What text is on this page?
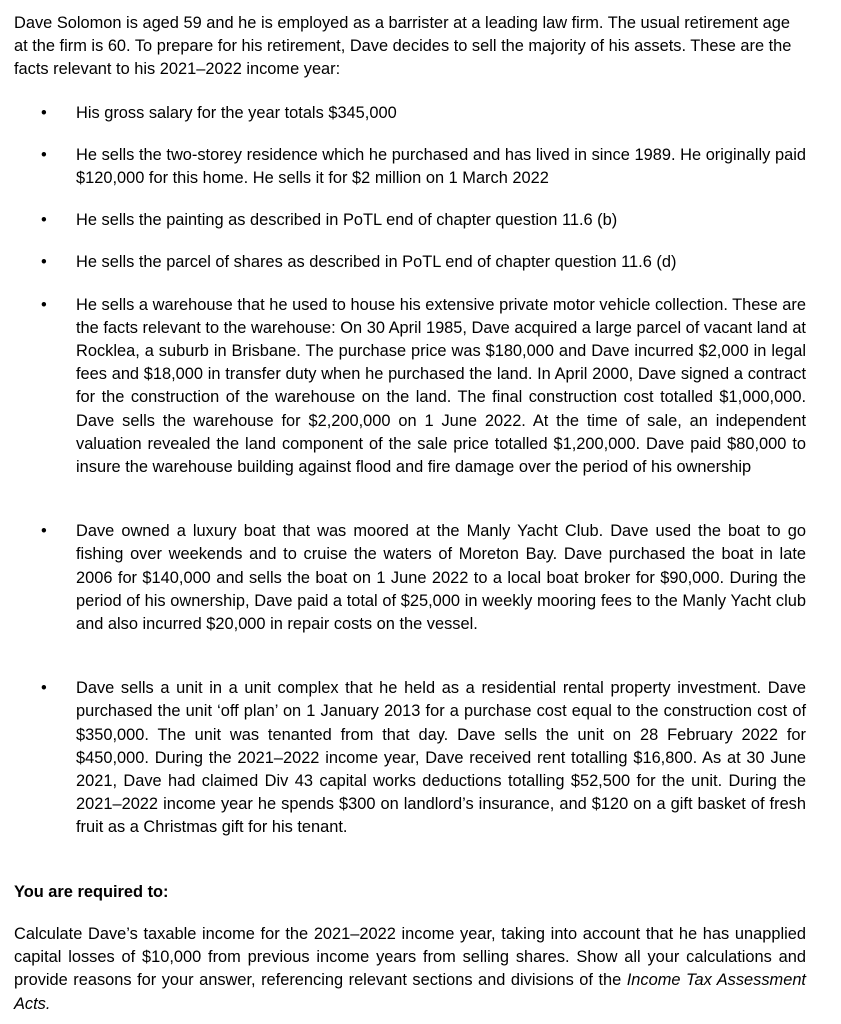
Dave Solomon is aged 59 and he is employed as a barrister at a leading law firm. The usual retirement age at the firm is 60. To prepare for his retirement, Dave decides to sell the majority of his assets. These are the facts relevant to his 2021–2022 income year:

• His gross salary for the year totals $345,000
• He sells the two-storey residence which he purchased and has lived in since 1989. He originally paid $120,000 for this home. He sells it for $2 million on 1 March 2022
• He sells the painting as described in PoTL end of chapter question 11.6 (b)
• He sells the parcel of shares as described in PoTL end of chapter question 11.6 (d)
• He sells a warehouse that he used to house his extensive private motor vehicle collection. These are the facts relevant to the warehouse: On 30 April 1985, Dave acquired a large parcel of vacant land at Rocklea, a suburb in Brisbane. The purchase price was $180,000 and Dave incurred $2,000 in legal fees and $18,000 in transfer duty when he purchased the land. In April 2000, Dave signed a contract for the construction of the warehouse on the land. The final construction cost totalled $1,000,000. Dave sells the warehouse for $2,200,000 on 1 June 2022. At the time of sale, an independent valuation revealed the land component of the sale price totalled $1,200,000. Dave paid $80,000 to insure the warehouse building against flood and fire damage over the period of his ownership
• Dave owned a luxury boat that was moored at the Manly Yacht Club. Dave used the boat to go fishing over weekends and to cruise the waters of Moreton Bay. Dave purchased the boat in late 2006 for $140,000 and sells the boat on 1 June 2022 to a local boat broker for $90,000. During the period of his ownership, Dave paid a total of $25,000 in weekly mooring fees to the Manly Yacht club and also incurred $20,000 in repair costs on the vessel.
• Dave sells a unit in a unit complex that he held as a residential rental property investment. Dave purchased the unit ‘off plan’ on 1 January 2013 for a purchase cost equal to the construction cost of $350,000. The unit was tenanted from that day. Dave sells the unit on 28 February 2022 for $450,000. During the 2021–2022 income year, Dave received rent totalling $16,800. As at 30 June 2021, Dave had claimed Div 43 capital works deductions totalling $52,500 for the unit. During the 2021–2022 income year he spends $300 on landlord’s insurance, and $120 on a gift basket of fresh fruit as a Christmas gift for his tenant.

You are required to:

Calculate Dave’s taxable income for the 2021–2022 income year, taking into account that he has unapplied capital losses of $10,000 from previous income years from selling shares. Show all your calculations and provide reasons for your answer, referencing relevant sections and divisions of the Income Tax Assessment Acts.
